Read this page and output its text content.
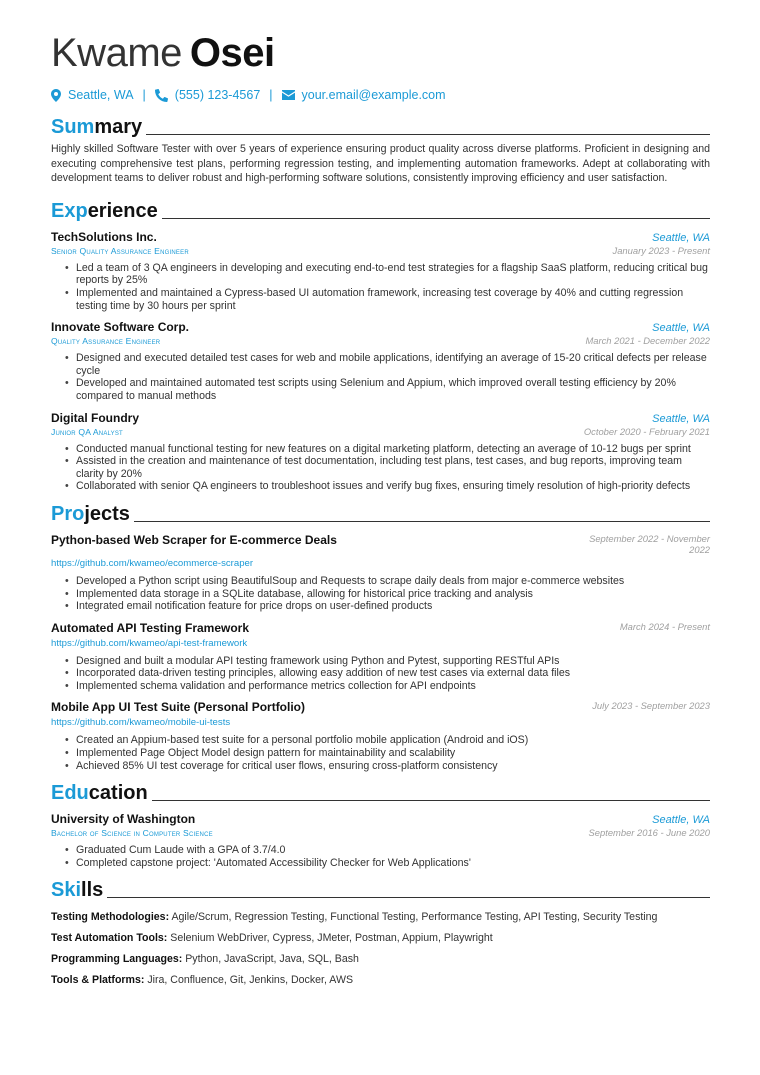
Kwame Osei
Seattle, WA | (555) 123-4567 | your.email@example.com
Summary

Highly skilled Software Tester with over 5 years of experience ensuring product quality across diverse platforms. Proficient in designing and executing comprehensive test plans, performing regression testing, and implementing automation frameworks. Adept at collaborating with development teams to deliver robust and high-performing software solutions, consistently improving efficiency and user satisfaction.

Experience
TechSolutions Inc.	Seattle, WA
Senior Quality Assurance Engineer	January 2023 - Present
• Led a team of 3 QA engineers in developing and executing end-to-end test strategies for a flagship SaaS platform, reducing critical bug reports by 25%
• Implemented and maintained a Cypress-based UI automation framework, increasing test coverage by 40% and cutting regression testing time by 30 hours per sprint
Innovate Software Corp.	Seattle, WA
Quality Assurance Engineer	March 2021 - December 2022
• Designed and executed detailed test cases for web and mobile applications, identifying an average of 15-20 critical defects per release cycle
• Developed and maintained automated test scripts using Selenium and Appium, which improved overall testing efficiency by 20% compared to manual methods
Digital Foundry	Seattle, WA
Junior QA Analyst	October 2020 - February 2021
• Conducted manual functional testing for new features on a digital marketing platform, detecting an average of 10-12 bugs per sprint
• Assisted in the creation and maintenance of test documentation, including test plans, test cases, and bug reports, improving team clarity by 20%
• Collaborated with senior QA engineers to troubleshoot issues and verify bug fixes, ensuring timely resolution of high-priority defects
Projects
Python-based Web Scraper for E-commerce Deals	September 2022 - November 2022
https://github.com/kwameo/ecommerce-scraper
• Developed a Python script using BeautifulSoup and Requests to scrape daily deals from major e-commerce websites
• Implemented data storage in a SQLite database, allowing for historical price tracking and analysis
• Integrated email notification feature for price drops on user-defined products
Automated API Testing Framework	March 2024 - Present
https://github.com/kwameo/api-test-framework
• Designed and built a modular API testing framework using Python and Pytest, supporting RESTful APIs
• Incorporated data-driven testing principles, allowing easy addition of new test cases via external data files
• Implemented schema validation and performance metrics collection for API endpoints
Mobile App UI Test Suite (Personal Portfolio)	July 2023 - September 2023
https://github.com/kwameo/mobile-ui-tests
• Created an Appium-based test suite for a personal portfolio mobile application (Android and iOS)
• Implemented Page Object Model design pattern for maintainability and scalability
• Achieved 85% UI test coverage for critical user flows, ensuring cross-platform consistency
Education
University of Washington	Seattle, WA
Bachelor of Science in Computer Science	September 2016 - June 2020
• Graduated Cum Laude with a GPA of 3.7/4.0
• Completed capstone project: 'Automated Accessibility Checker for Web Applications'
Skills
Testing Methodologies: Agile/Scrum, Regression Testing, Functional Testing, Performance Testing, API Testing, Security Testing
Test Automation Tools: Selenium WebDriver, Cypress, JMeter, Postman, Appium, Playwright
Programming Languages: Python, JavaScript, Java, SQL, Bash
Tools & Platforms: Jira, Confluence, Git, Jenkins, Docker, AWS
